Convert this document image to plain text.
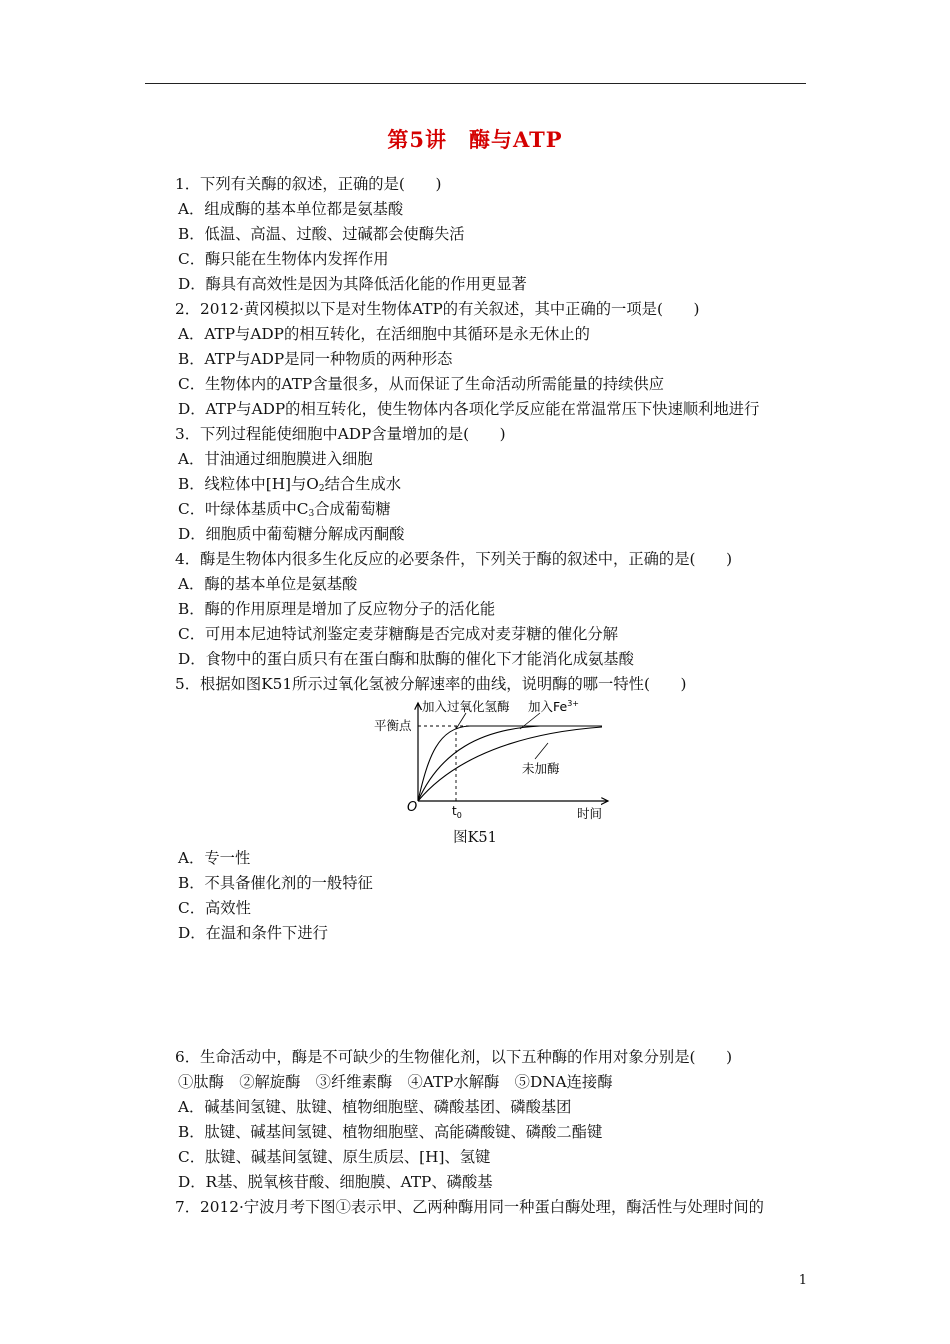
第5讲　酶与ATP
1．下列有关酶的叙述，正确的是(　　)
A．组成酶的基本单位都是氨基酸
B．低温、高温、过酸、过碱都会使酶失活
C．酶只能在生物体内发挥作用
D．酶具有高效性是因为其降低活化能的作用更显著
2．2012·黄冈模拟以下是对生物体ATP的有关叙述，其中正确的一项是(　　)
A．ATP与ADP的相互转化，在活细胞中其循环是永无休止的
B．ATP与ADP是同一种物质的两种形态
C．生物体内的ATP含量很多，从而保证了生命活动所需能量的持续供应
D．ATP与ADP的相互转化，使生物体内各项化学反应能在常温常压下快速顺利地进行
3．下列过程能使细胞中ADP含量增加的是(　　)
A．甘油通过细胞膜进入细胞
B．线粒体中[H]与$O_2$结合生成水
C．叶绿体基质中$C_3$合成葡萄糖
D．细胞质中葡萄糖分解成丙酮酸
4．酶是生物体内很多生化反应的必要条件，下列关于酶的叙述中，正确的是(　　)
A．酶的基本单位是氨基酸
B．酶的作用原理是增加了反应物分子的活化能
C．可用本尼迪特试剂鉴定麦芽糖酶是否完成对麦芽糖的催化分解
D．食物中的蛋白质只有在蛋白酶和肽酶的催化下才能消化成氨基酸
5．根据如图K51所示过氧化氢被分解速率的曲线，说明酶的哪一特性(　　)
加入过氧化氢酶 加入$Fe^{3+}$
平衡点
未加酶
O	$t_0$	时间
图K51
A．专一性
B．不具备催化剂的一般特征
C．高效性
D．在温和条件下进行
6．生命活动中，酶是不可缺少的生物催化剂，以下五种酶的作用对象分别是(　　)
①肽酶　②解旋酶　③纤维素酶　④ATP水解酶　⑤DNA连接酶
A．碱基间氢键、肽键、植物细胞壁、磷酸基团、磷酸基团
B．肽键、碱基间氢键、植物细胞壁、高能磷酸键、磷酸二酯键
C．肽键、碱基间氢键、原生质层、[H]、氢键
D．R基、脱氧核苷酸、细胞膜、ATP、磷酸基
7．2012·宁波月考下图①表示甲、乙两种酶用同一种蛋白酶处理，酶活性与处理时间的
1
